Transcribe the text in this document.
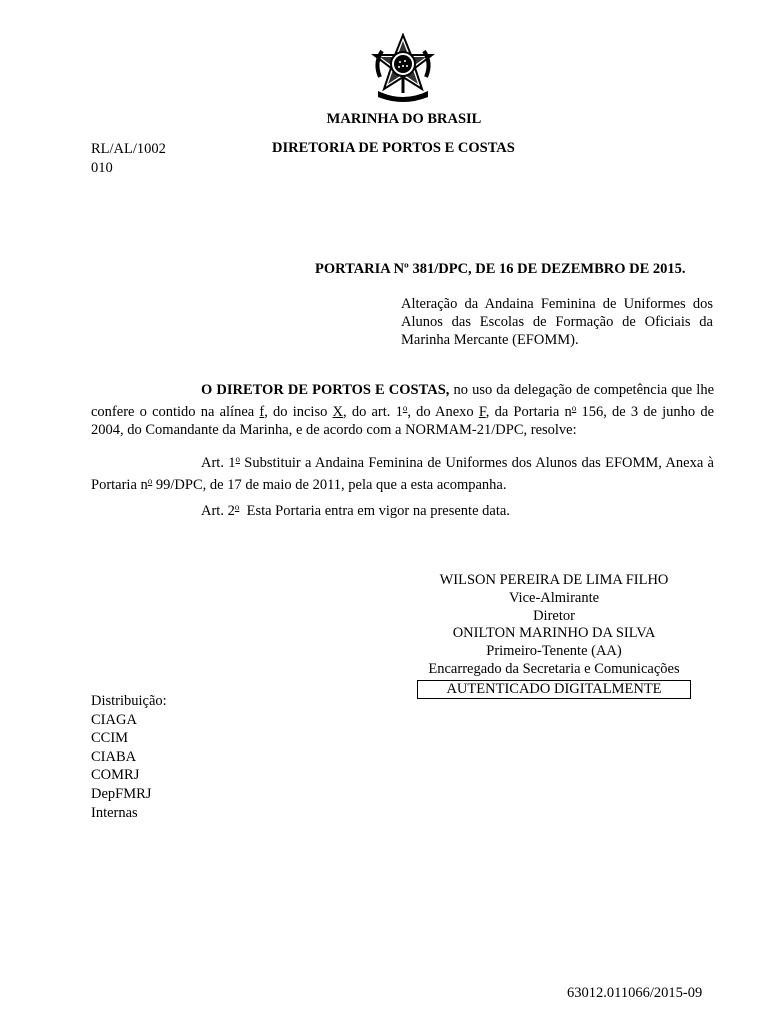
MARINHA DO BRASIL
RL/AL/1002
010
DIRETORIA DE PORTOS E COSTAS
PORTARIA Nº 381/DPC, DE 16 DE DEZEMBRO DE 2015.
Alteração da Andaina Feminina de Uniformes dos Alunos das Escolas de Formação de Oficiais da Marinha Mercante (EFOMM).
O DIRETOR DE PORTOS E COSTAS, no uso da delegação de competência que lhe confere o contido na alínea f, do inciso X, do art. 1$^o$, do Anexo F, da Portaria $n^o$ 156, de 3 de junho de 2004, do Comandante da Marinha, e de acordo com a NORMAM-21/DPC, resolve:
Art. 1$^o$ Substituir a Andaina Feminina de Uniformes dos Alunos das EFOMM, Anexa à Portaria $n^o$ 99/DPC, de 17 de maio de 2011, pela que a esta acompanha.
Art. 2$^o$  Esta Portaria entra em vigor na presente data.
WILSON PEREIRA DE LIMA FILHO
Vice-Almirante
Diretor
ONILTON MARINHO DA SILVA
Primeiro-Tenente (AA)
Encarregado da Secretaria e Comunicações
AUTENTICADO DIGITALMENTE
Distribuição:
CIAGA
CCIM
CIABA
COMRJ
DepFMRJ
Internas
63012.011066/2015-09
